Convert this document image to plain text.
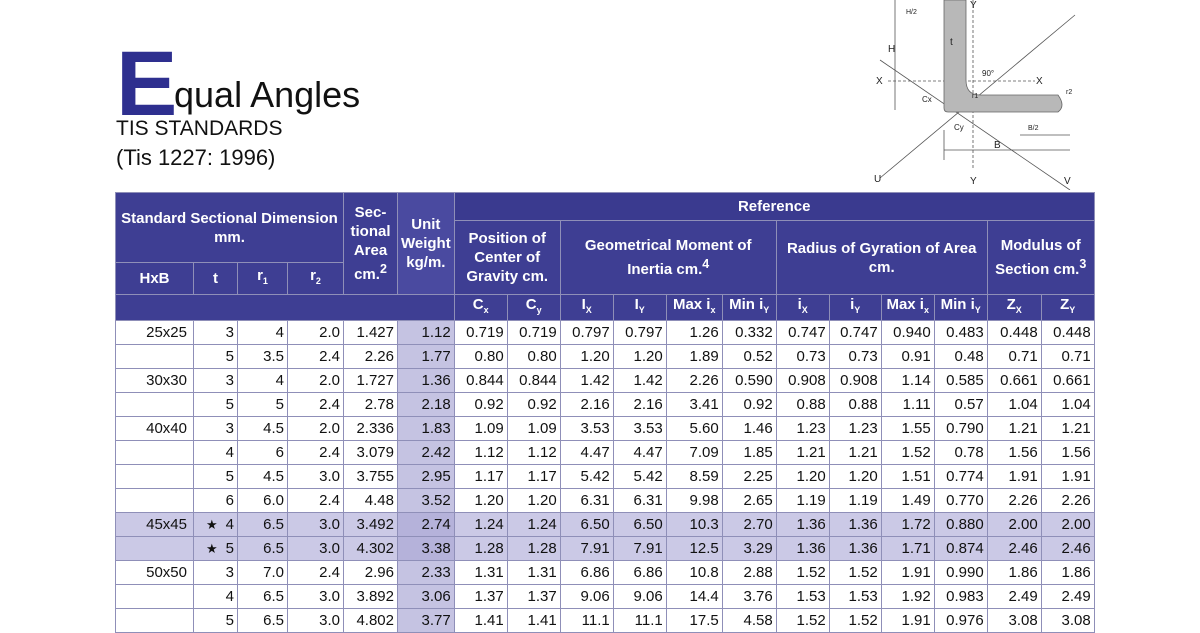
E
qual Angles
TIS STANDARDS
(Tis 1227: 1996)
Y
Y
X	X
U	V
H
H/2
t
Cx
Cy
B
B/2
90°
r1
r2
Standard Sectional Dimension mm.				Sec- tional Area cm.$^2$	Unit Weight kg/m.	Reference											
						Position of Center of Gravity cm.		Geometrical Moment of Inertia cm.$^4$				Radius of Gyration of Area cm.				Modulus of Section cm.$^3$
HxB	t	$r_1$	$r_2$
						$C_x$	$C_y$	$I_X$	$I_Y$	Max $i_x$	Min $i_Y$	$i_X$	$i_Y$	Max $i_x$	Min $i_Y$	$Z_X$	$Z_Y$
25x25	3	4	2.0	1.427	1.12	0.719	0.719	0.797	0.797	1.26	0.332	0.747	0.747	0.940	0.483	0.448	0.448
	5	3.5	2.4	2.26	1.77	0.80	0.80	1.20	1.20	1.89	0.52	0.73	0.73	0.91	0.48	0.71	0.71
30x30	3	4	2.0	1.727	1.36	0.844	0.844	1.42	1.42	2.26	0.590	0.908	0.908	1.14	0.585	0.661	0.661
	5	5	2.4	2.78	2.18	0.92	0.92	2.16	2.16	3.41	0.92	0.88	0.88	1.11	0.57	1.04	1.04
40x40	3	4.5	2.0	2.336	1.83	1.09	1.09	3.53	3.53	5.60	1.46	1.23	1.23	1.55	0.790	1.21	1.21
	4	6	2.4	3.079	2.42	1.12	1.12	4.47	4.47	7.09	1.85	1.21	1.21	1.52	0.78	1.56	1.56
	5	4.5	3.0	3.755	2.95	1.17	1.17	5.42	5.42	8.59	2.25	1.20	1.20	1.51	0.774	1.91	1.91
	6	6.0	2.4	4.48	3.52	1.20	1.20	6.31	6.31	9.98	2.65	1.19	1.19	1.49	0.770	2.26	2.26
45x45	★ 4	6.5	3.0	3.492	2.74	1.24	1.24	6.50	6.50	10.3	2.70	1.36	1.36	1.72	0.880	2.00	2.00
	★ 5	6.5	3.0	4.302	3.38	1.28	1.28	7.91	7.91	12.5	3.29	1.36	1.36	1.71	0.874	2.46	2.46
50x50	3	7.0	2.4	2.96	2.33	1.31	1.31	6.86	6.86	10.8	2.88	1.52	1.52	1.91	0.990	1.86	1.86
	4	6.5	3.0	3.892	3.06	1.37	1.37	9.06	9.06	14.4	3.76	1.53	1.53	1.92	0.983	2.49	2.49
	5	6.5	3.0	4.802	3.77	1.41	1.41	11.1	11.1	17.5	4.58	1.52	1.52	1.91	0.976	3.08	3.08
